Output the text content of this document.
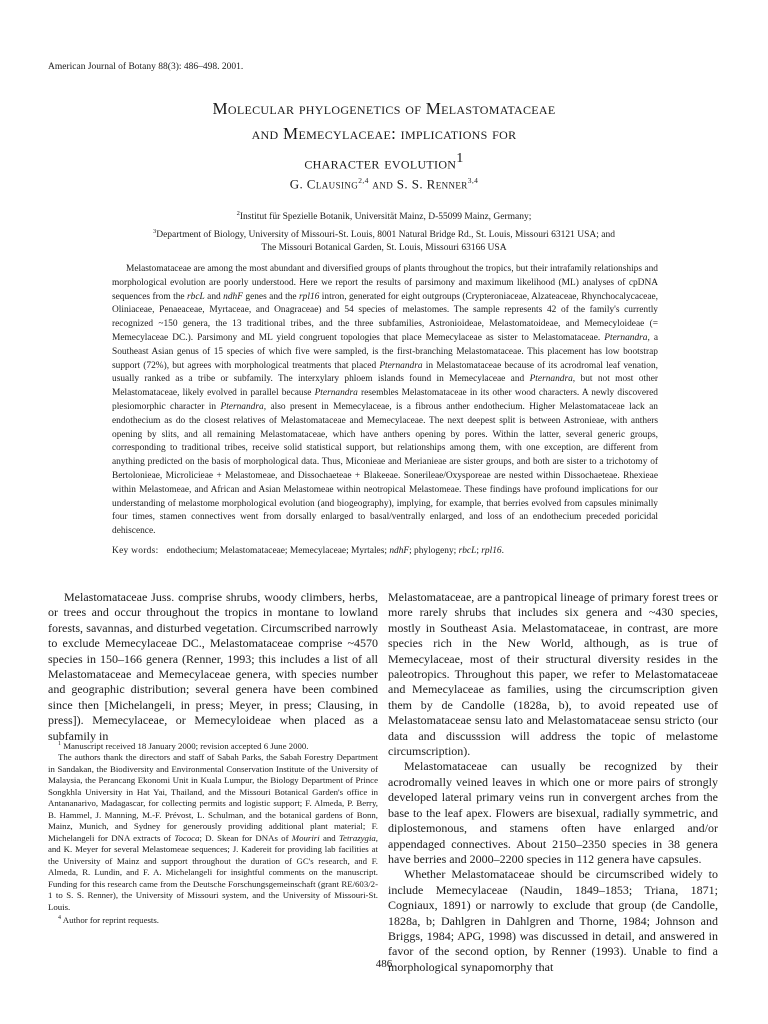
American Journal of Botany 88(3): 486–498. 2001.

Molecular phylogenetics of Melastomataceae

and Memecylaceae: implications for

character evolution$^1$

G. Clausing$^{2,4}$ and S. S. Renner$^{3,4}$

$^2$Institut für Spezielle Botanik, Universität Mainz, D-55099 Mainz, Germany;

$^3$Department of Biology, University of Missouri-St. Louis, 8001 Natural Bridge Rd., St. Louis, Missouri 63121 USA; and

The Missouri Botanical Garden, St. Louis, Missouri 63166 USA

Melastomataceae are among the most abundant and diversified groups of plants throughout the tropics, but their intrafamily relationships and morphological evolution are poorly understood. Here we report the results of parsimony and maximum likelihood (ML) analyses of cpDNA sequences from the rbcL and ndhF genes and the rpl16 intron, generated for eight outgroups (Crypteroniaceae, Alzateaceae, Rhynchocalycaceae, Oliniaceae, Penaeaceae, Myrtaceae, and Onagraceae) and 54 species of melastomes. The sample represents 42 of the family's currently recognized ~150 genera, the 13 traditional tribes, and the three subfamilies, Astronioideae, Melastomatoideae, and Memecyloideae (= Memecylaceae DC.). Parsimony and ML yield congruent topologies that place Memecylaceae as sister to Melastomataceae. Pternandra, a Southeast Asian genus of 15 species of which five were sampled, is the first-branching Melastomataceae. This placement has low bootstrap support (72%), but agrees with morphological treatments that placed Pternandra in Melastomataceae because of its acrodromal leaf venation, usually ranked as a tribe or subfamily. The interxylary phloem islands found in Memecylaceae and Pternandra, but not most other Melastomataceae, likely evolved in parallel because Pternandra resembles Melastomataceae in its other wood characters. A newly discovered plesiomorphic character in Pternandra, also present in Memecylaceae, is a fibrous anther endothecium. Higher Melastomataceae lack an endothecium as do the closest relatives of Melastomataceae and Memecylaceae. The next deepest split is between Astronieae, with anthers opening by slits, and all remaining Melastomataceae, which have anthers opening by pores. Within the latter, several generic groups, corresponding to traditional tribes, receive solid statistical support, but relationships among them, with one exception, are different from anything predicted on the basis of morphological data. Thus, Miconieae and Merianieae are sister groups, and both are sister to a trichotomy of Bertolonieae, Microlicieae + Melastomeae, and Dissochaeteae + Blakeeae. Sonerileae/Oxysporeae are nested within Dissochaeteae. Rhexieae within Melastomeae, and African and Asian Melastomeae within neotropical Melastomeae. These findings have profound implications for our understanding of melastome morphological evolution (and biogeography), implying, for example, that berries evolved from capsules minimally four times, stamen connectives went from dorsally enlarged to basal/ventrally enlarged, and loss of an endothecium preceded poricidal dehiscence.

Key words: endothecium; Melastomataceae; Memecylaceae; Myrtales; ndhF; phylogeny; rbcL; rpl16.

Melastomataceae Juss. comprise shrubs, woody climbers, herbs, or trees and occur throughout the tropics in montane to lowland forests, savannas, and disturbed vegetation. Circumscribed narrowly to exclude Memecylaceae DC., Melastomataceae comprise ~4570 species in 150–166 genera (Renner, 1993; this includes a list of all Melastomataceae and Memecylaceae genera, with species number and geographic distribution; several genera have been combined since then [Michelangeli, in press; Meyer, in press; Clausing, in press]). Memecylaceae, or Memecyloideae when placed as a subfamily in

$^1$ Manuscript received 18 January 2000; revision accepted 6 June 2000.

The authors thank the directors and staff of Sabah Parks, the Sabah Forestry Department in Sandakan, the Biodiversity and Environmental Conservation Institute of the University of Malaysia, the Perancang Ekonomi Unit in Kuala Lumpur, the Biology Department of Prince Songkhla University in Hat Yai, Thailand, and the Missouri Botanical Garden's office in Antananarivo, Madagascar, for collecting permits and logistic support; F. Almeda, P. Berry, B. Hammel, J. Manning, M.-F. Prévost, L. Schulman, and the botanical gardens of Bonn, Mainz, Munich, and Sydney for generously providing additional plant material; F. Michelangeli for DNA extracts of Tococa; D. Skean for DNAs of Mouriri and Tetrazygia, and K. Meyer for several Melastomeae sequences; J. Kadereit for providing lab facilities at the University of Mainz and support throughout the duration of GC's research, and F. Almeda, R. Lundin, and F. A. Michelangeli for insightful comments on the manuscript. Funding for this research came from the Deutsche Forschungsgemeinschaft (grant RE/603/2-1 to S. S. Renner), the University of Missouri system, and the University of Missouri-St. Louis.

$^4$ Author for reprint requests.

Melastomataceae, are a pantropical lineage of primary forest trees or more rarely shrubs that includes six genera and ~430 species, mostly in Southeast Asia. Melastomataceae, in contrast, are more species rich in the New World, although, as is true of Memecylaceae, most of their structural diversity resides in the paleotropics. Throughout this paper, we refer to Melastomataceae and Memecylaceae as families, using the circumscription given them by de Candolle (1828a, b), to avoid repeated use of Melastomataceae sensu lato and Melastomataceae sensu stricto (our data and discusssion will address the topic of melastome circumscription).

Melastomataceae can usually be recognized by their acrodromally veined leaves in which one or more pairs of strongly developed lateral primary veins run in convergent arches from the base to the leaf apex. Flowers are bisexual, radially symmetric, and diplostemonous, and stamens often have enlarged and/or appendaged connectives. About 2150–2350 species in 38 genera have berries and 2000–2200 species in 112 genera have capsules.

Whether Melastomataceae should be circumscribed widely to include Memecylaceae (Naudin, 1849–1853; Triana, 1871; Cogniaux, 1891) or narrowly to exclude that group (de Candolle, 1828a, b; Dahlgren in Dahlgren and Thorne, 1984; Johnson and Briggs, 1984; APG, 1998) was discussed in detail, and answered in favor of the second option, by Renner (1993). Unable to find a morphological synapomorphy that

486
